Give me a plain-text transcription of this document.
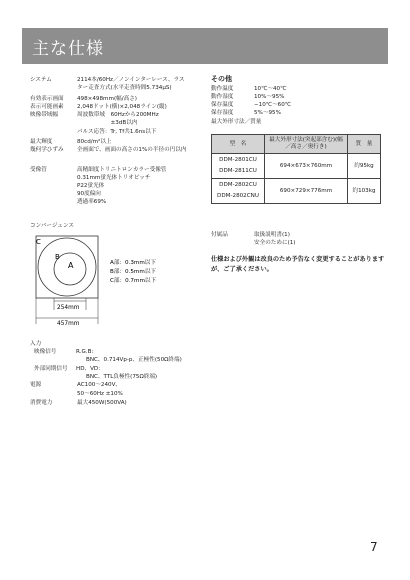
主な仕様
システム	2114本/60Hz／ノンインターレース、ラス
ター走査方式(水平走査時間5.734μS)
有効表示画面 498×498mm(幅/高さ)
表示可能画素 2,048ドット(横)×2,048ライン(縦)
映像帯域幅	周波数帯域　60Hzから200MHz
　　　　　　±3dB以内
パルス応答：Tr, Tf共1.6ns以下
最大輝度	80cd/m²以上
幾何学ひずみ 全画面で、画面の高さの1%の半径の円以内
受像管	高精細度トリニトロンカラー受像管
0.31mm蛍光体トリオピッチ
P22蛍光体
90度偏向
透過率69%
コンバージェンス
C
B
A
254mm
457mm
A部：0.3mm以下
B部：0.5mm以下
C部：0.7mm以下
入力
映像信号	R.G.B:
BNC、0.714Vp-p、正極性(50Ω終端)
外部同期信号 HD、VD：
BNC、TTL負極性(75Ω終端)
電源	AC100〜240V、
50〜60Hz ±10%
消費電力	最大450W(500VA)
その他
動作温度	10℃〜40℃
動作湿度	10%〜95%
保存温度	−10℃〜60℃
保存湿度	5%〜95%
最大外形寸法／質量
型　名	最大外形寸法(突起部含む)(幅／高さ／奥行き)	質　量

DDM-2801CU
DDM-2811CU	694×673×760mm	約95kg

DDM-2802CU
DDM-2802CNU	690×729×776mm	約103kg
付属品	取扱説明書(1)
安全のために(1)
仕様および外観は改良のため予告なく変更することがありますが、ご了承ください。
7
